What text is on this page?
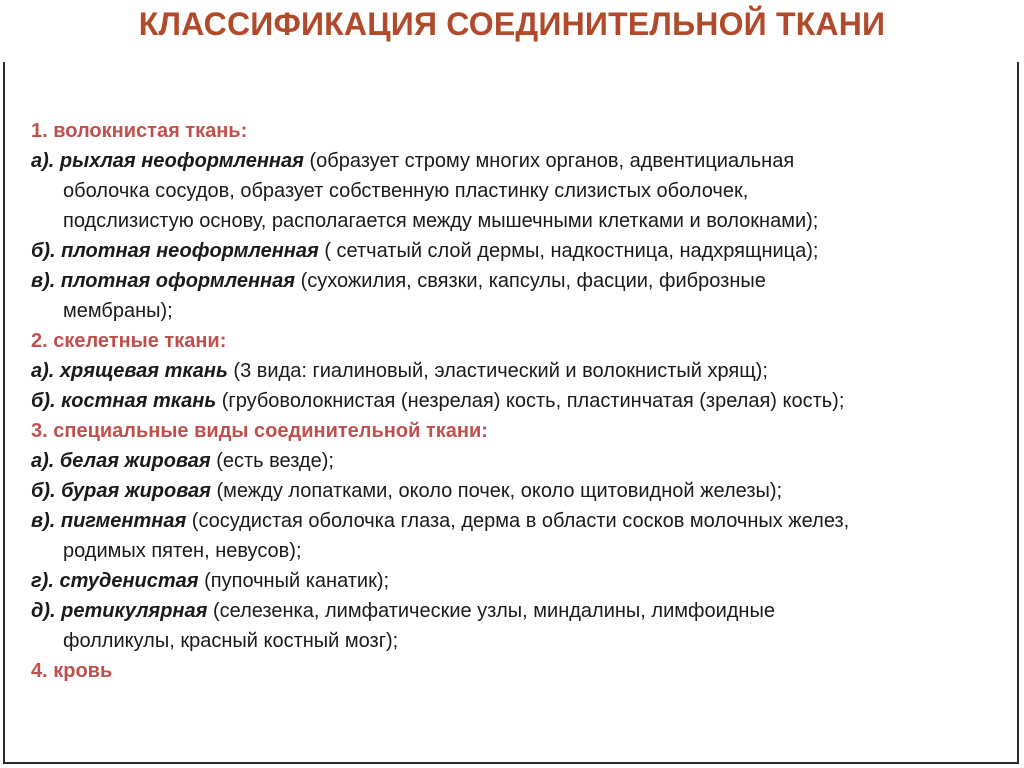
КЛАССИФИКАЦИЯ СОЕДИНИТЕЛЬНОЙ ТКАНИ

1. волокнистая ткань:

а). рыхлая неоформленная (образует строму многих органов, адвентициальная

оболочка сосудов, образует собственную пластинку слизистых оболочек,

подслизистую основу, располагается между мышечными клетками и волокнами);

б). плотная неоформленная ( сетчатый слой дермы, надкостница, надхрящница);

в). плотная оформленная (сухожилия, связки, капсулы, фасции, фиброзные

мембраны);

2. скелетные ткани:

а). хрящевая ткань (3 вида: гиалиновый, эластический и волокнистый хрящ);

б). костная ткань (грубоволокнистая (незрелая) кость, пластинчатая (зрелая) кость);

3. специальные виды соединительной ткани:

а). белая жировая (есть везде);

б). бурая жировая (между лопатками, около почек, около щитовидной железы);

в). пигментная (сосудистая оболочка глаза, дерма в области сосков молочных желез,

родимых пятен, невусов);

г). студенистая (пупочный канатик);

д). ретикулярная (селезенка, лимфатические узлы, миндалины, лимфоидные

фолликулы, красный костный мозг);

4. кровь
